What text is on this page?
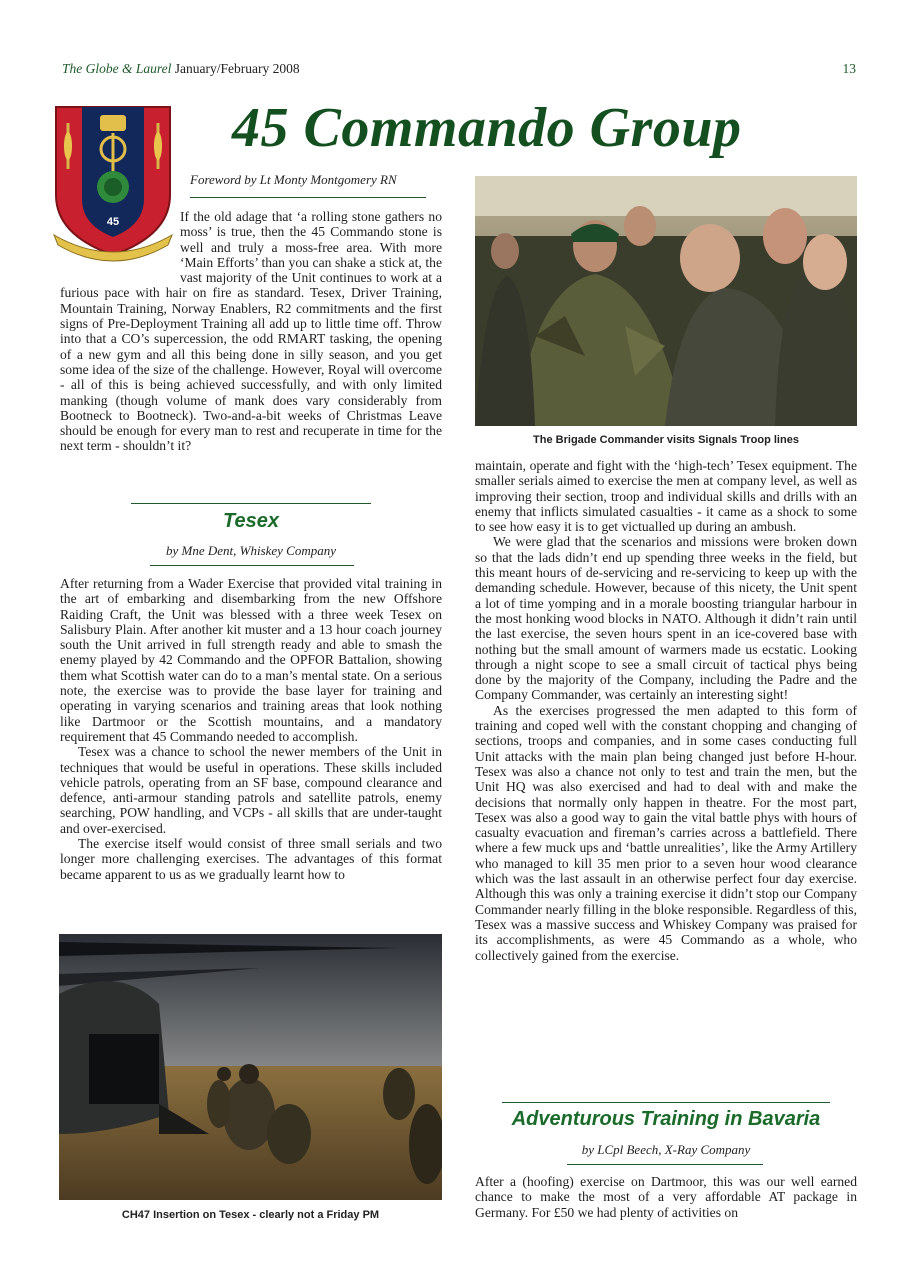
The Globe & Laurel January/February 2008	13
45
45 Commando Group
Foreword by Lt Monty Montgomery RN

If the old adage that ‘a rolling stone gathers no moss’ is true, then the 45 Commando stone is well and truly a moss-free area. With more ‘Main Efforts’ than you can shake a stick at, the vast majority of the Unit continues to work at a furious pace with hair on fire as standard. Tesex, Driver Training, Mountain Training, Norway Enablers, R2 commitments and the first signs of Pre-Deployment Training all add up to little time off. Throw into that a CO’s supercession, the odd RMART tasking, the opening of a new gym and all this being done in silly season, and you get some idea of the size of the challenge. However, Royal will overcome - all of this is being achieved successfully, and with only limited manking (though volume of mank does vary considerably from Bootneck to Bootneck). Two-and-a-bit weeks of Christmas Leave should be enough for every man to rest and recuperate in time for the next term - shouldn’t it?

Tesex
by Mne Dent, Whiskey Company

After returning from a Wader Exercise that provided vital training in the art of embarking and disembarking from the new Offshore Raiding Craft, the Unit was blessed with a three week Tesex on Salisbury Plain. After another kit muster and a 13 hour coach journey south the Unit arrived in full strength ready and able to smash the enemy played by 42 Commando and the OPFOR Battalion, showing them what Scottish water can do to a man’s mental state. On a serious note, the exercise was to provide the base layer for training and operating in varying scenarios and training areas that look nothing like Dartmoor or the Scottish mountains, and a mandatory requirement that 45 Commando needed to accomplish.

Tesex was a chance to school the newer members of the Unit in techniques that would be useful in operations. These skills included vehicle patrols, operating from an SF base, compound clearance and defence, anti-armour standing patrols and satellite patrols, enemy searching, POW handling, and VCPs - all skills that are under-taught and over-exercised.

The exercise itself would consist of three small serials and two longer more challenging exercises. The advantages of this format became apparent to us as we gradually learnt how to

The Brigade Commander visits Signals Troop lines

maintain, operate and fight with the ‘high-tech’ Tesex equipment. The smaller serials aimed to exercise the men at company level, as well as improving their section, troop and individual skills and drills with an enemy that inflicts simulated casualties - it came as a shock to some to see how easy it is to get victualled up during an ambush.

We were glad that the scenarios and missions were broken down so that the lads didn’t end up spending three weeks in the field, but this meant hours of de-servicing and re-servicing to keep up with the demanding schedule. However, because of this nicety, the Unit spent a lot of time yomping and in a morale boosting triangular harbour in the most honking wood blocks in NATO. Although it didn’t rain until the last exercise, the seven hours spent in an ice-covered base with nothing but the small amount of warmers made us ecstatic. Looking through a night scope to see a small circuit of tactical phys being done by the majority of the Company, including the Padre and the Company Commander, was certainly an interesting sight!

As the exercises progressed the men adapted to this form of training and coped well with the constant chopping and changing of sections, troops and companies, and in some cases conducting full Unit attacks with the main plan being changed just before H-hour. Tesex was also a chance not only to test and train the men, but the Unit HQ was also exercised and had to deal with and make the decisions that normally only happen in theatre. For the most part, Tesex was also a good way to gain the vital battle phys with hours of casualty evacuation and fireman’s carries across a battlefield. There where a few muck ups and ‘battle unrealities’, like the Army Artillery who managed to kill 35 men prior to a seven hour wood clearance which was the last assault in an otherwise perfect four day exercise. Although this was only a training exercise it didn’t stop our Company Commander nearly filling in the bloke responsible. Regardless of this, Tesex was a massive success and Whiskey Company was praised for its accomplishments, as were 45 Commando as a whole, who collectively gained from the exercise.

CH47 Insertion on Tesex - clearly not a Friday PM
Adventurous Training in Bavaria
by LCpl Beech, X-Ray Company

After a (hoofing) exercise on Dartmoor, this was our well earned chance to make the most of a very affordable AT package in Germany. For £50 we had plenty of activities on
